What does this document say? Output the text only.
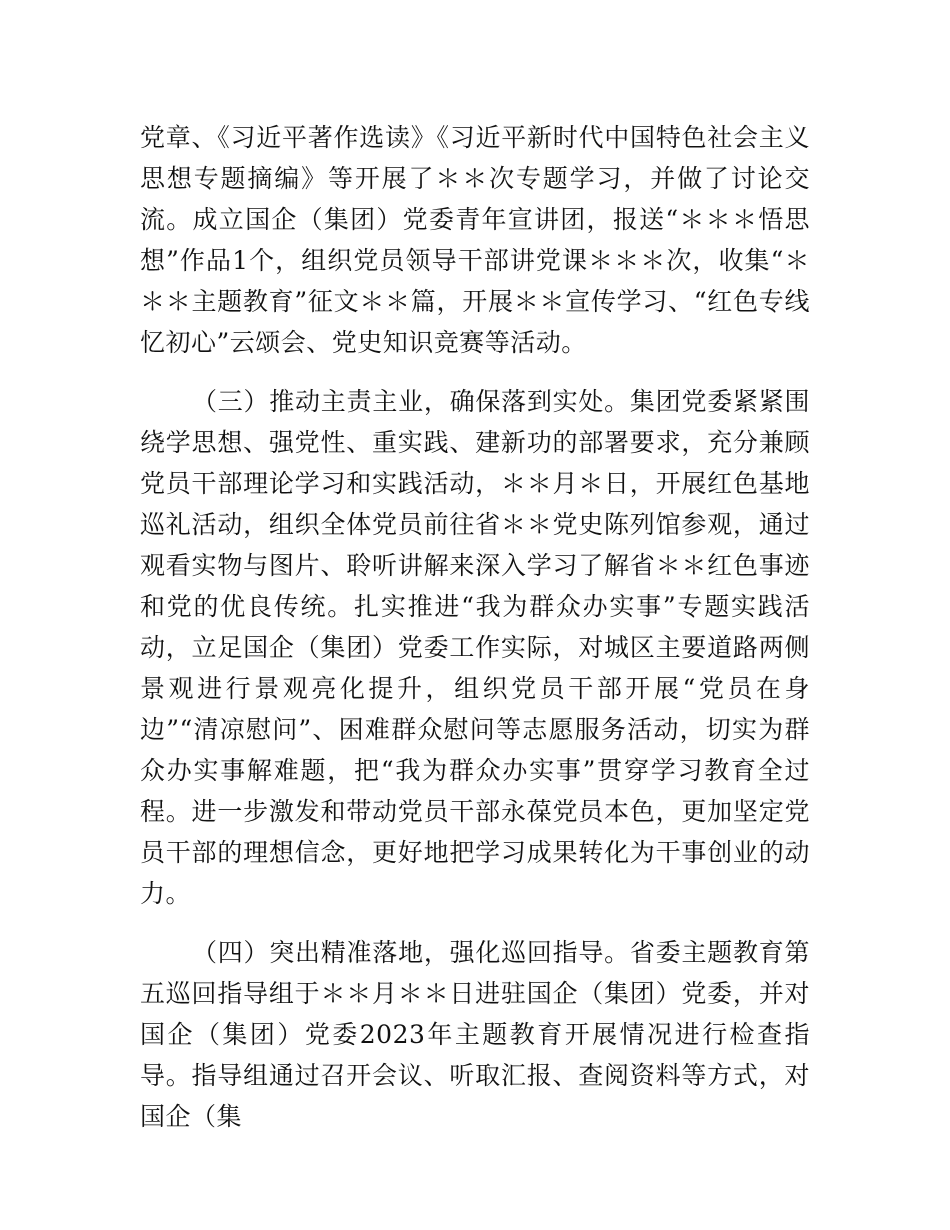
党章、《习近平著作选读》《习近平新时代中国特色社会主义思想专题摘编》等开展了＊＊次专题学习，并做了讨论交流。成立国企（集团）党委青年宣讲团，报送“＊＊＊悟思想”作品1个，组织党员领导干部讲党课＊＊＊次，收集“＊＊＊主题教育”征文＊＊篇，开展＊＊宣传学习、“红色专线忆初心”云颂会、党史知识竞赛等活动。

（三）推动主责主业，确保落到实处。集团党委紧紧围绕学思想、强党性、重实践、建新功的部署要求，充分兼顾党员干部理论学习和实践活动，＊＊月＊日，开展红色基地巡礼活动，组织全体党员前往省＊＊党史陈列馆参观，通过观看实物与图片、聆听讲解来深入学习了解省＊＊红色事迹和党的优良传统。扎实推进“我为群众办实事”专题实践活动，立足国企（集团）党委工作实际，对城区主要道路两侧景观进行景观亮化提升，组织党员干部开展“党员在身边”“清凉慰问”、困难群众慰问等志愿服务活动，切实为群众办实事解难题，把“我为群众办实事”贯穿学习教育全过程。进一步激发和带动党员干部永葆党员本色，更加坚定党员干部的理想信念，更好地把学习成果转化为干事创业的动力。

（四）突出精准落地，强化巡回指导。省委主题教育第五巡回指导组于＊＊月＊＊日进驻国企（集团）党委，并对国企（集团）党委2023年主题教育开展情况进行检查指导。指导组通过召开会议、听取汇报、查阅资料等方式，对国企（集
